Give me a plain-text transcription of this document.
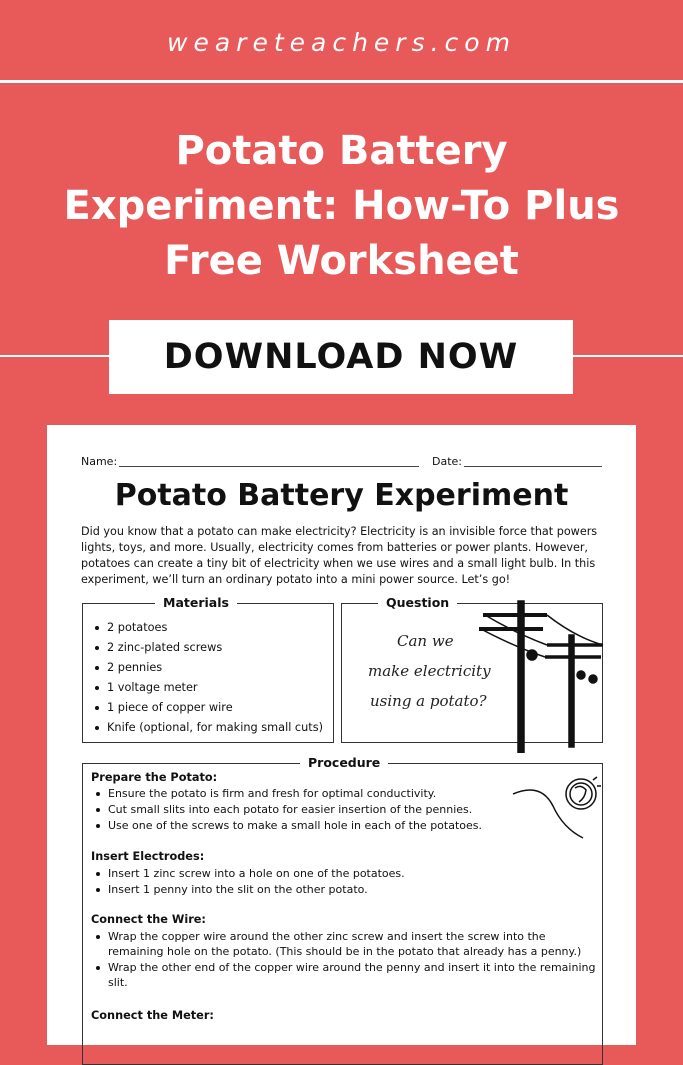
weareteachers.com
Potato Battery
Experiment: How-To Plus
Free Worksheet
DOWNLOAD NOW
Name:	Date:
Potato Battery Experiment
Did you know that a potato can make electricity? Electricity is an invisible force that powers lights, toys, and more. Usually, electricity comes from batteries or power plants. However, potatoes can create a tiny bit of electricity when we use wires and a small light bulb. In this experiment, we’ll turn an ordinary potato into a mini power source. Let’s go!
Materials
2 potatoes
2 zinc-plated screws
2 pennies
1 voltage meter
1 piece of copper wire
Knife (optional, for making small cuts)
Question
Can we
make electricity
using a potato?
Procedure
Prepare the Potato:
Ensure the potato is firm and fresh for optimal conductivity.
Cut small slits into each potato for easier insertion of the pennies.
Use one of the screws to make a small hole in each of the potatoes.
Insert Electrodes:
Insert 1 zinc screw into a hole on one of the potatoes.
Insert 1 penny into the slit on the other potato.
Connect the Wire:
Wrap the copper wire around the other zinc screw and insert the screw into the remaining hole on the potato. (This should be in the potato that already has a penny.)
Wrap the other end of the copper wire around the penny and insert it into the remaining slit.
Connect the Meter:
